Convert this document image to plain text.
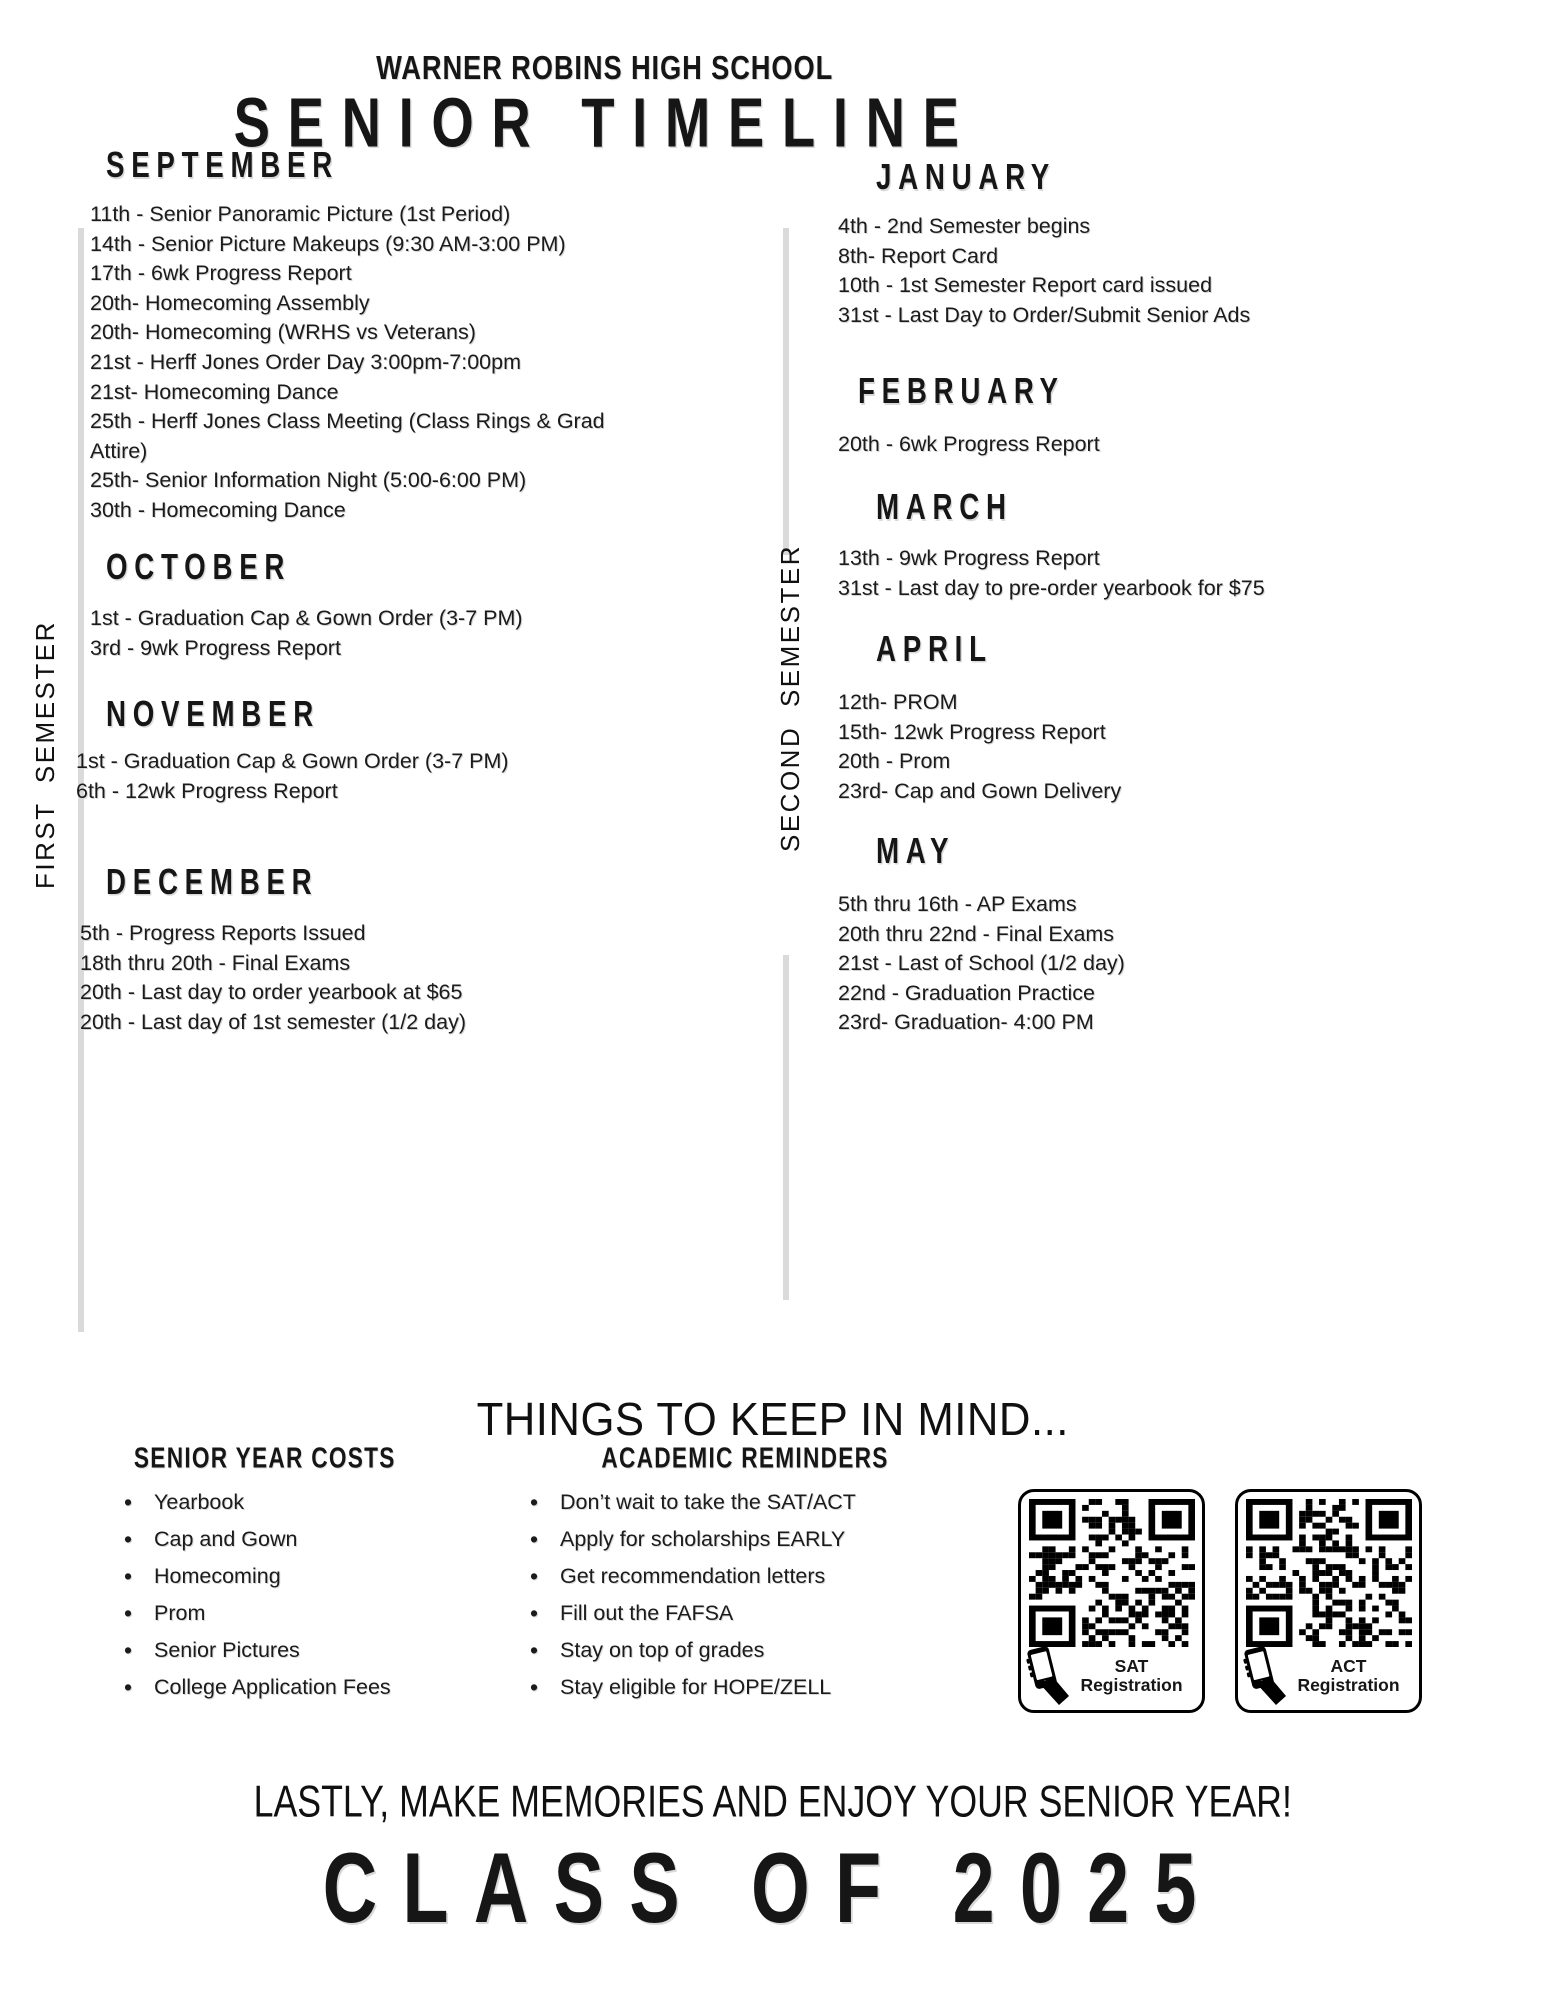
WARNER ROBINS HIGH SCHOOL
SENIOR TIMELINE
FIRST SEMESTER	SECOND SEMESTER
SEPTEMBER
11th - Senior Panoramic Picture (1st Period)
14th - Senior Picture Makeups (9:30 AM-3:00 PM)
17th - 6wk Progress Report
20th- Homecoming Assembly
20th- Homecoming (WRHS vs Veterans)
21st - Herff Jones Order Day 3:00pm-7:00pm
21st- Homecoming Dance
25th - Herff Jones Class Meeting (Class Rings & Grad Attire)
25th- Senior Information Night (5:00-6:00 PM)
30th - Homecoming Dance
OCTOBER
1st - Graduation Cap & Gown Order (3-7 PM)
3rd - 9wk Progress Report
NOVEMBER
1st - Graduation Cap & Gown Order (3-7 PM)
6th - 12wk Progress Report
DECEMBER
5th - Progress Reports Issued
18th thru 20th - Final Exams
20th - Last day to order yearbook at $65
20th - Last day of 1st semester (1/2 day)
JANUARY
4th - 2nd Semester begins
8th- Report Card
10th - 1st Semester Report card issued
31st - Last Day to Order/Submit Senior Ads
FEBRUARY
20th - 6wk Progress Report
MARCH
13th - 9wk Progress Report
31st - Last day to pre-order yearbook for $75
APRIL
12th- PROM
15th- 12wk Progress Report
20th - Prom
23rd- Cap and Gown Delivery
MAY
5th thru 16th - AP Exams
20th thru 22nd - Final Exams
21st - Last of School (1/2 day)
22nd - Graduation Practice
23rd- Graduation- 4:00 PM
THINGS TO KEEP IN MIND...
SENIOR YEAR COSTS
• Yearbook
• Cap and Gown
• Homecoming
• Prom
• Senior Pictures
• College Application Fees
ACADEMIC REMINDERS
• Don’t wait to take the SAT/ACT
• Apply for scholarships EARLY
• Get recommendation letters
• Fill out the FAFSA
• Stay on top of grades
• Stay eligible for HOPE/ZELL
SAT
Registration
ACT
Registration
LASTLY, MAKE MEMORIES AND ENJOY YOUR SENIOR YEAR!
CLASS OF 2025
